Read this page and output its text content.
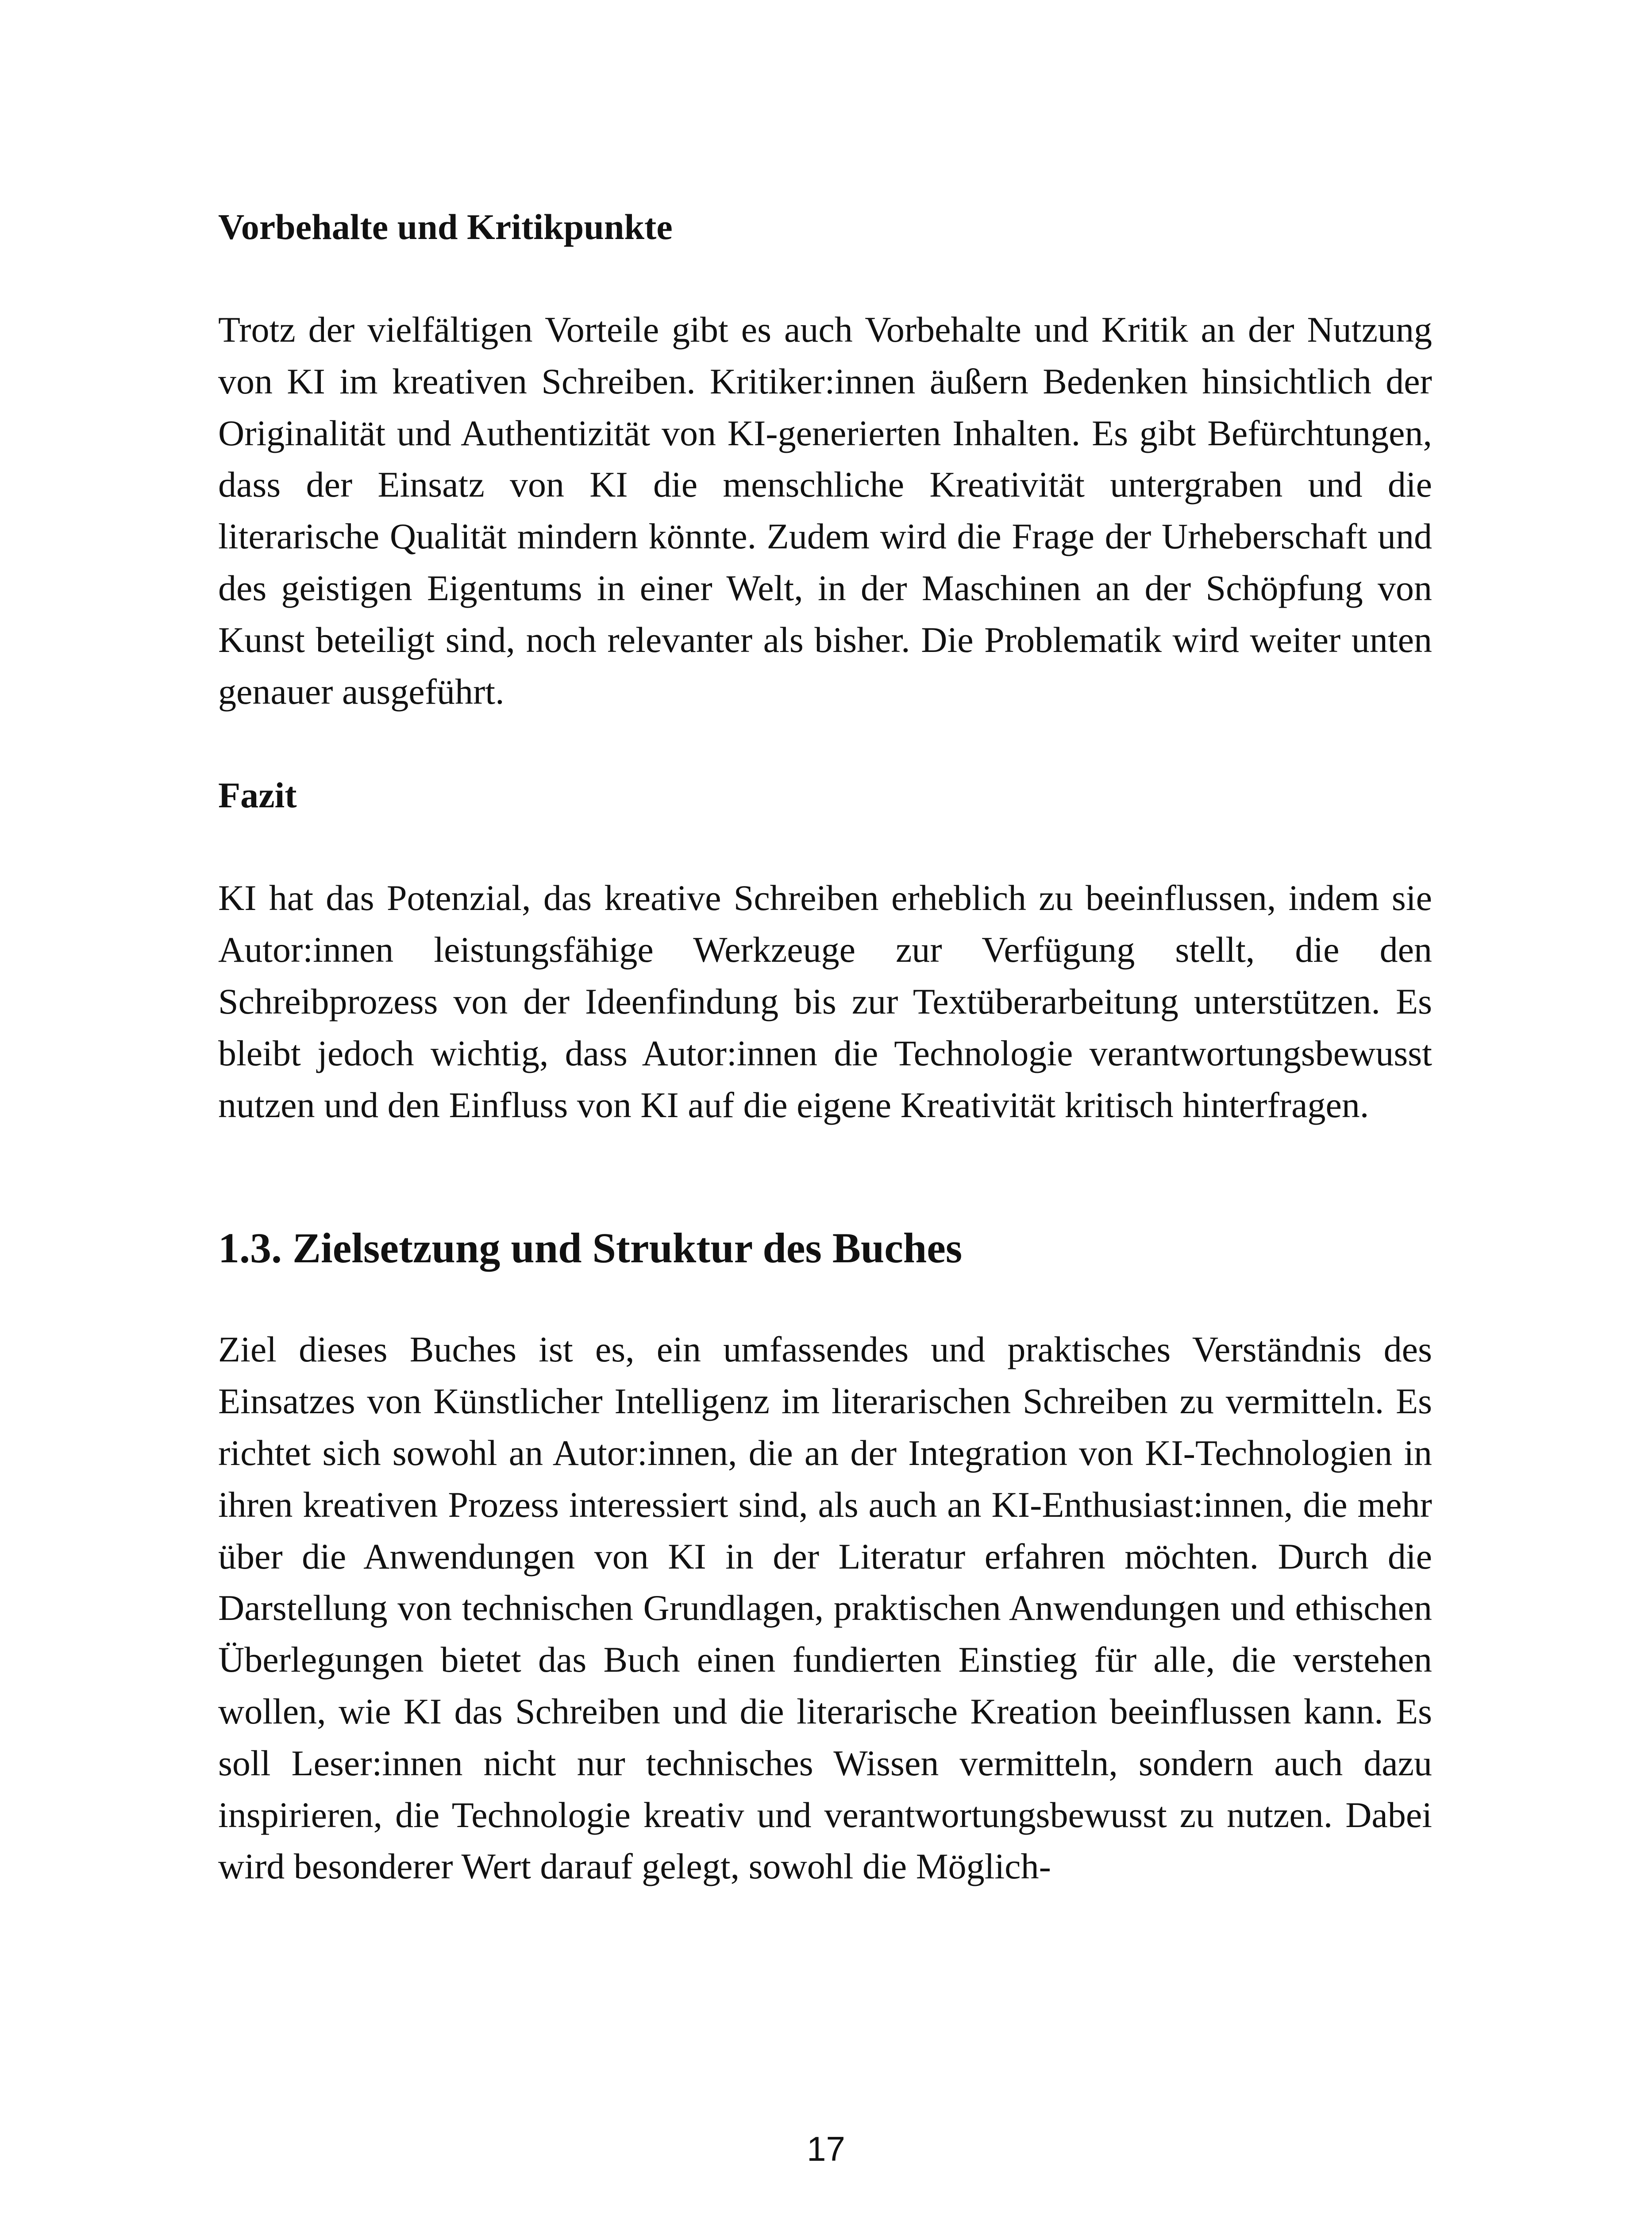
Vorbehalte und Kritikpunkte

Trotz der vielfältigen Vorteile gibt es auch Vorbehalte und Kritik an der Nutzung von KI im kreativen Schreiben. Kritiker:innen äußern Bedenken hinsichtlich der Originalität und Authentizität von KI-generierten Inhalten. Es gibt Befürchtungen, dass der Einsatz von KI die menschliche Kreativität untergraben und die literarische Qualität mindern könnte. Zudem wird die Frage der Urheberschaft und des geistigen Eigentums in einer Welt, in der Maschinen an der Schöpfung von Kunst beteiligt sind, noch relevanter als bisher. Die Problematik wird weiter unten genauer ausgeführt.

Fazit

KI hat das Potenzial, das kreative Schreiben erheblich zu beeinflussen, indem sie Autor:innen leistungsfähige Werkzeuge zur Verfügung stellt, die den Schreibprozess von der Ideenfindung bis zur Textüberarbeitung unterstützen. Es bleibt jedoch wichtig, dass Autor:innen die Technologie verantwortungsbewusst nutzen und den Einfluss von KI auf die eigene Kreativität kritisch hinterfragen.

1.3. Zielsetzung und Struktur des Buches

Ziel dieses Buches ist es, ein umfassendes und praktisches Verständnis des Einsatzes von Künstlicher Intelligenz im literarischen Schreiben zu vermitteln. Es richtet sich sowohl an Autor:innen, die an der Integration von KI-Technologien in ihren kreativen Prozess interessiert sind, als auch an KI-Enthusiast:innen, die mehr über die Anwendungen von KI in der Literatur erfahren möchten. Durch die Darstellung von technischen Grundlagen, praktischen Anwendungen und ethischen Überlegungen bietet das Buch einen fundierten Einstieg für alle, die verstehen wollen, wie KI das Schreiben und die literarische Kreation beeinflussen kann. Es soll Leser:innen nicht nur technisches Wissen vermitteln, sondern auch dazu inspirieren, die Technologie kreativ und verantwortungsbewusst zu nutzen. Dabei wird besonderer Wert darauf gelegt, sowohl die Möglich-

17
